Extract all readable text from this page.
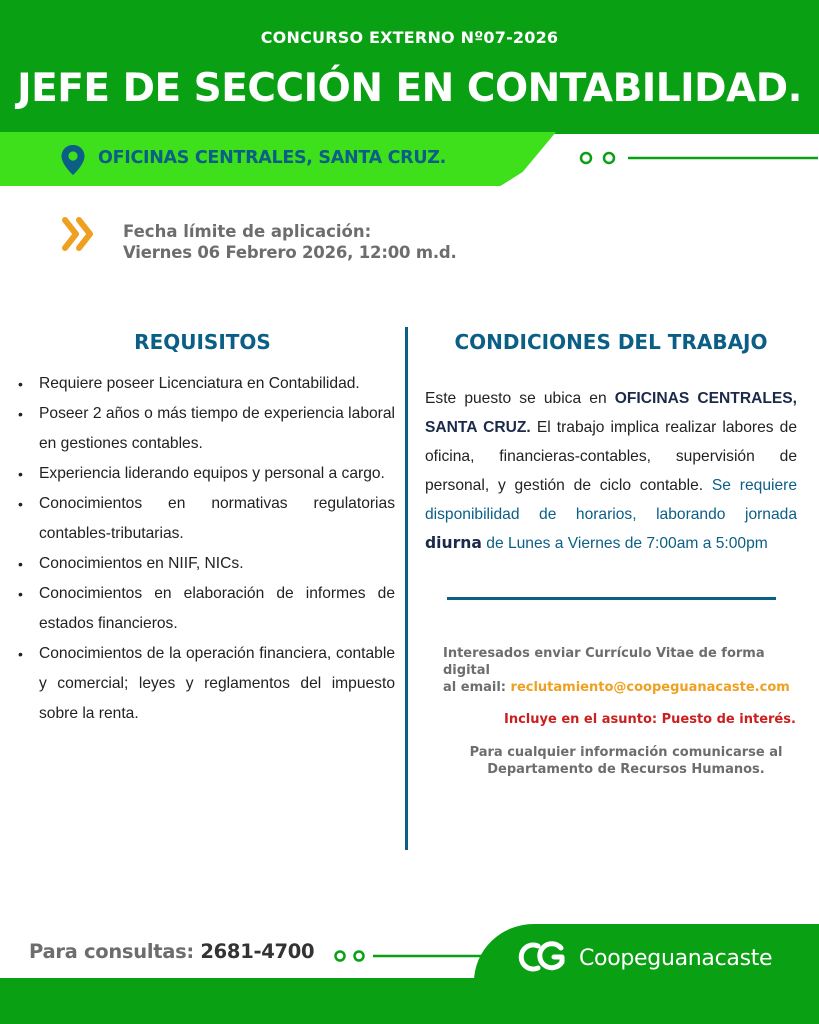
CONCURSO EXTERNO Nº07-2026
JEFE DE SECCIÓN EN CONTABILIDAD.
OFICINAS CENTRALES, SANTA CRUZ.
Fecha límite de aplicación:
Viernes 06 Febrero 2026, 12:00 m.d.
REQUISITOS
• Requiere poseer Licenciatura en Contabilidad.
• Poseer 2 años o más tiempo de experiencia laboral en gestiones contables.
• Experiencia liderando equipos y personal a cargo.
• Conocimientos en normativas regulatorias contables-tributarias.
• Conocimientos en NIIF, NICs.
• Conocimientos en elaboración de informes de estados financieros.
• Conocimientos de la operación financiera, contable y comercial; leyes y reglamentos del impuesto sobre la renta.
CONDICIONES DEL TRABAJO

Este puesto se ubica en OFICINAS CENTRALES, SANTA CRUZ. El trabajo implica realizar labores de oficina, financieras-contables, supervisión de personal, y gestión de ciclo contable. Se requiere disponibilidad de horarios, laborando jornada diurna de Lunes a Viernes de 7:00am a 5:00pm

Interesados enviar Currículo Vitae de forma digital
al email: reclutamiento@coopeguanacaste.com
Incluye en el asunto: Puesto de interés.
Para cualquier información comunicarse al
Departamento de Recursos Humanos.
Para consultas: 2681-4700	Coopeguanacaste
